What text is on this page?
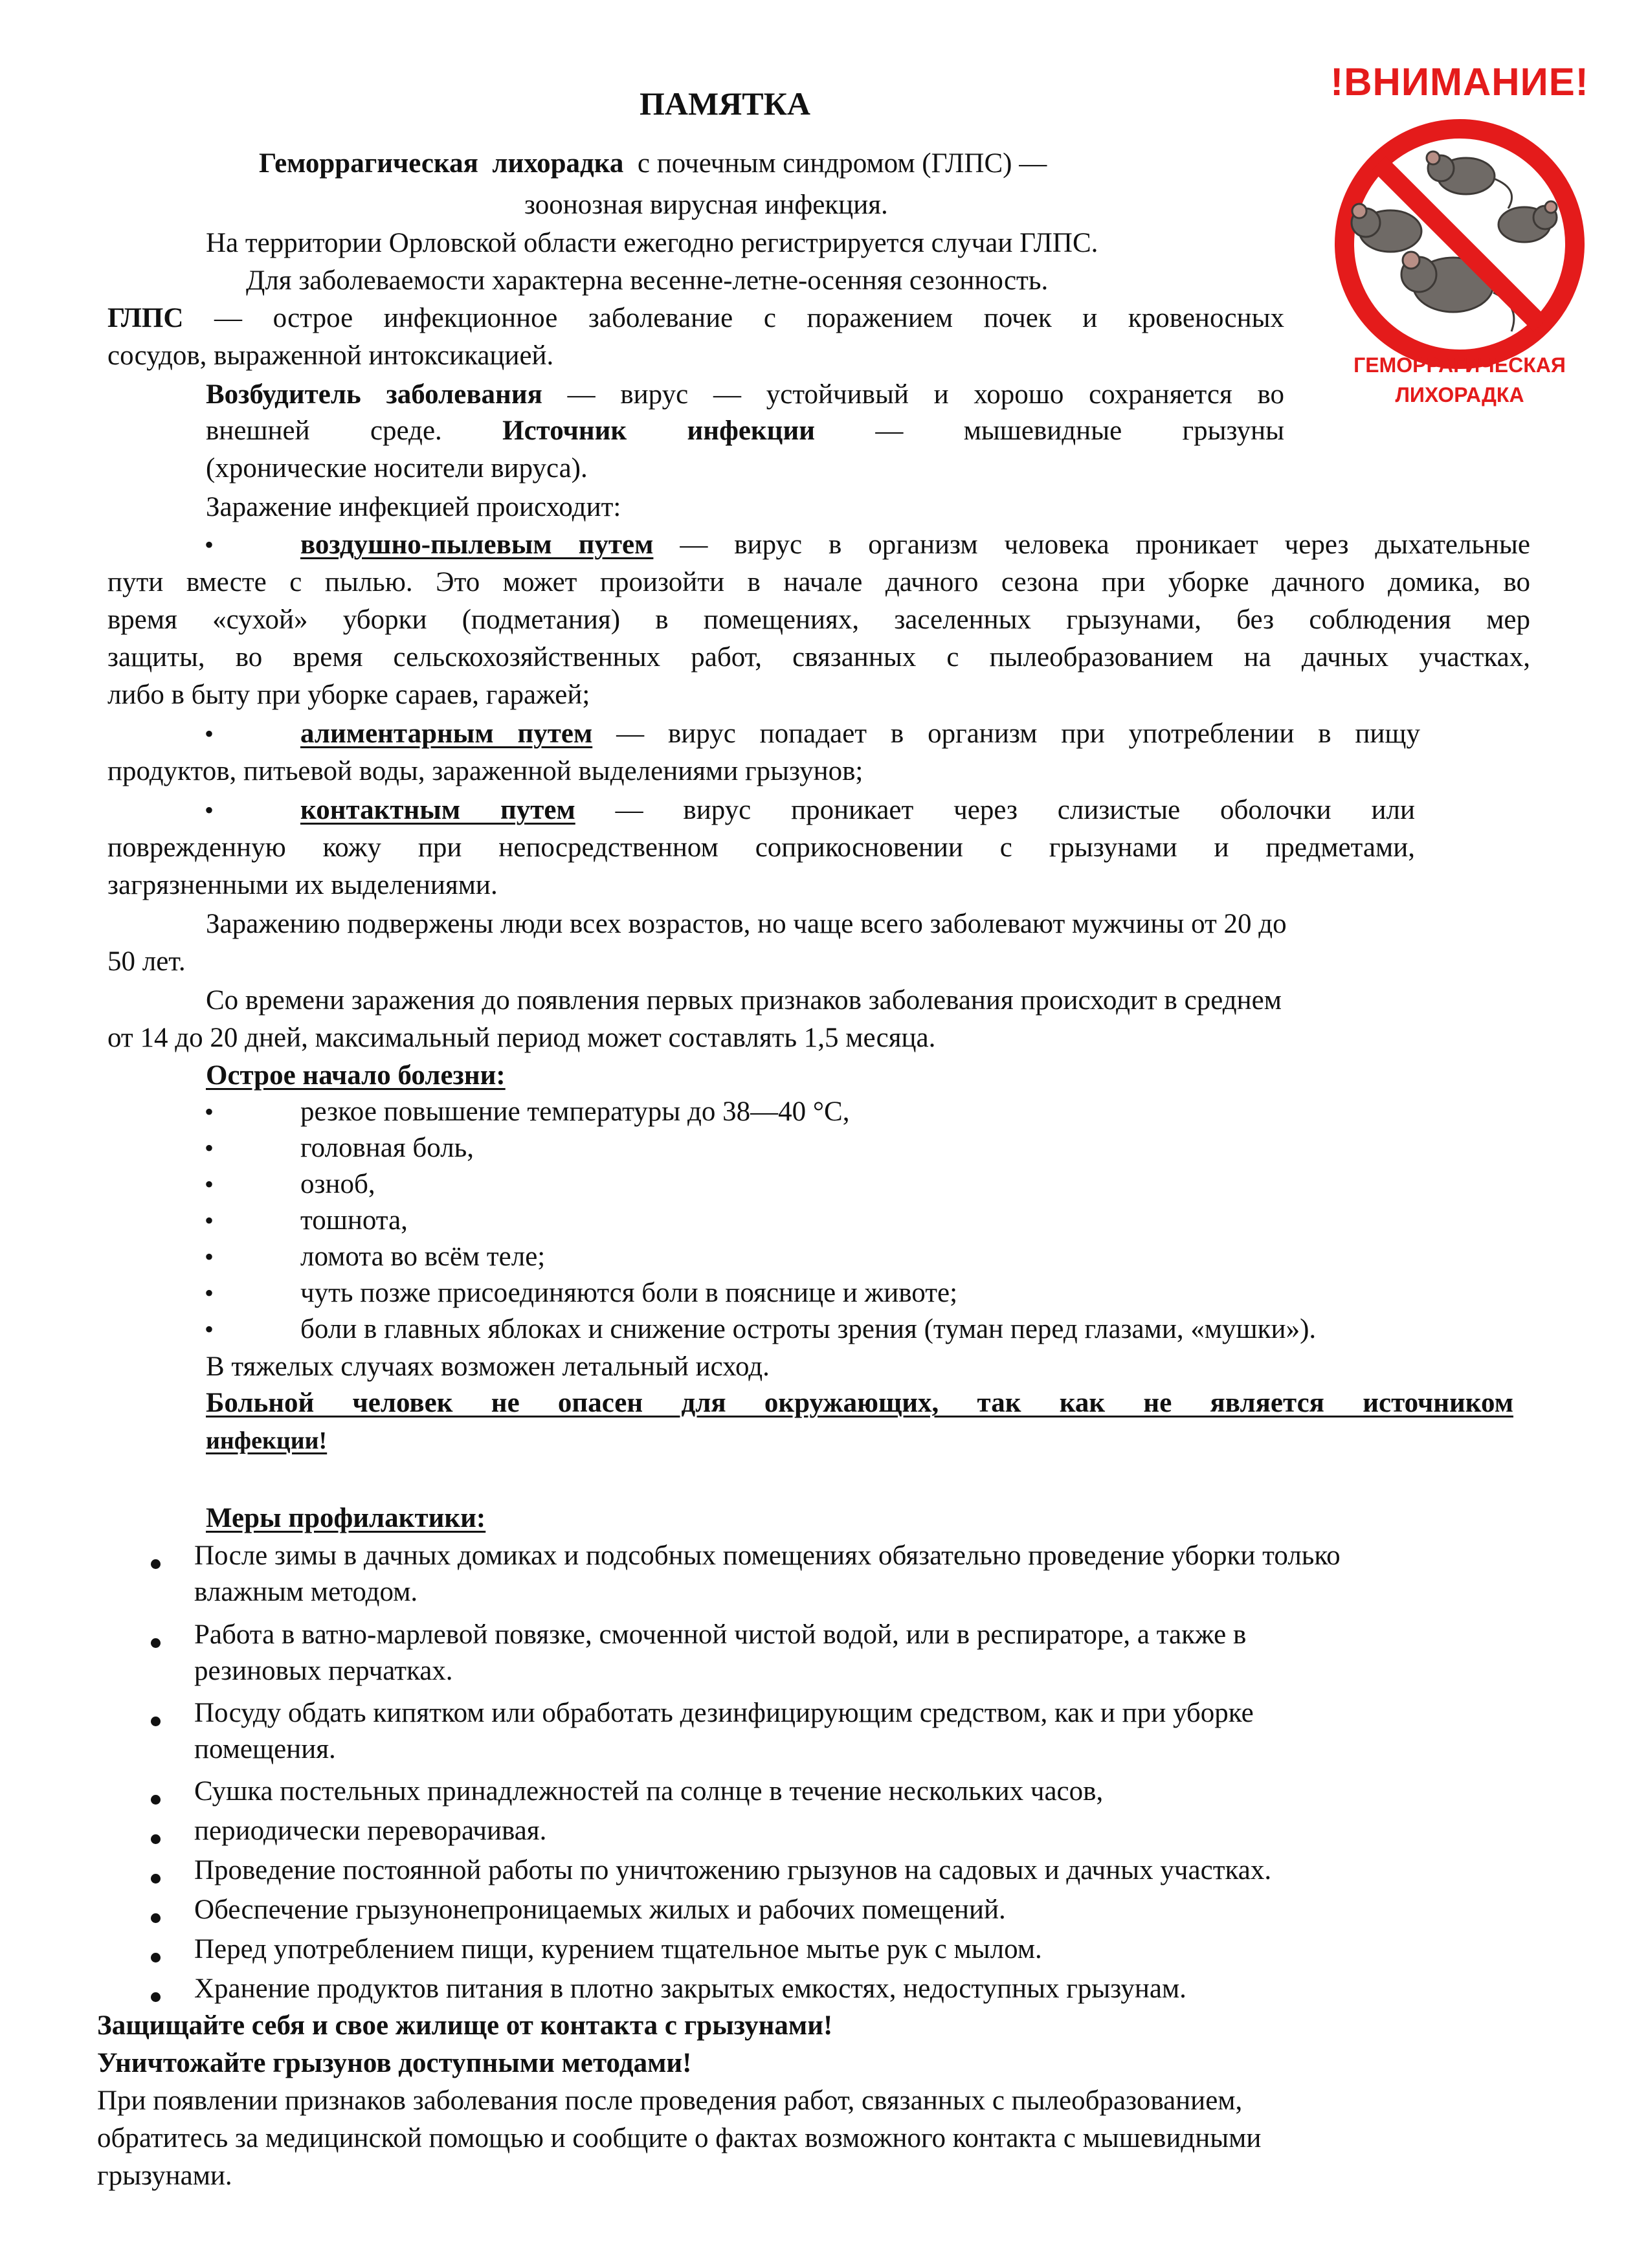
ПАМЯТКА
Геморрагическая лихорадка с почечным синдромом (ГЛПС) —
зоонозная вирусная инфекция.
На территории Орловской области ежегодно регистрируется случаи ГЛПС.
Для заболеваемости характерна весенне-летне-осенняя сезонность.
ГЛПС — острое инфекционное заболевание с поражением почек и кровеносных
сосудов, выраженной интоксикацией.
Возбудитель заболевания — вирус — устойчивый и хорошо сохраняется во
внешней среде. Источник инфекции — мышевидные грызуны
(хронические носители вируса).
Заражение инфекцией происходит:
•	воздушно-пылевым путем — вирус в организм человека проникает через дыхательные
пути вместе с пылью. Это может произойти в начале дачного сезона при уборке дачного домика, во
время «сухой» уборки (подметания) в помещениях, заселенных грызунами, без соблюдения мер
защиты, во время сельскохозяйственных работ, связанных с пылеобразованием на дачных участках,
либо в быту при уборке сараев, гаражей;
•	алиментарным путем — вирус попадает в организм при употреблении в пищу
продуктов, питьевой воды, зараженной выделениями грызунов;
•	контактным путем — вирус проникает через слизистые оболочки или
поврежденную кожу при непосредственном соприкосновении с грызунами и предметами,
загрязненными их выделениями.
Заражению подвержены люди всех возрастов, но чаще всего заболевают мужчины от 20 до
50 лет.
Со времени заражения до появления первых признаков заболевания происходит в среднем
от 14 до 20 дней, максимальный период может составлять 1,5 месяца.
Острое начало болезни:
•	резкое повышение температуры до 38—40 °С,
•	головная боль,
•	озноб,
•	тошнота,
•	ломота во всём теле;
•	чуть позже присоединяются боли в пояснице и животе;
•	боли в главных яблоках и снижение остроты зрения (туман перед глазами, «мушки»).
В тяжелых случаях возможен летальный исход.
Больной человек не опасен для окружающих, так как не является источником
инфекции!
Меры профилактики:
После зимы в дачных домиках и подсобных помещениях обязательно проведение уборки только
влажным методом.
Работа в ватно-марлевой повязке, смоченной чистой водой, или в респираторе, а также в
резиновых перчатках.
Посуду обдать кипятком или обработать дезинфицирующим средством, как и при уборке
помещения.
Сушка постельных принадлежностей па солнце в течение нескольких часов,
периодически переворачивая.
Проведение постоянной работы по уничтожению грызунов на садовых и дачных участках.
Обеспечение грызунонепроницаемых жилых и рабочих помещений.
Перед употреблением пищи, курением тщательное мытье рук с мылом.
Хранение продуктов питания в плотно закрытых емкостях, недоступных грызунам.
Защищайте себя и свое жилище от контакта с грызунами!
Уничтожайте грызунов доступными методами!
При появлении признаков заболевания после проведения работ, связанных с пылеобразованием,
обратитесь за медицинской помощью и сообщите о фактах возможного контакта с мышевидными
грызунами.
!ВНИМАНИЕ!
ГЕМОРРАГИЧЕСКАЯ
ЛИХОРАДКА
